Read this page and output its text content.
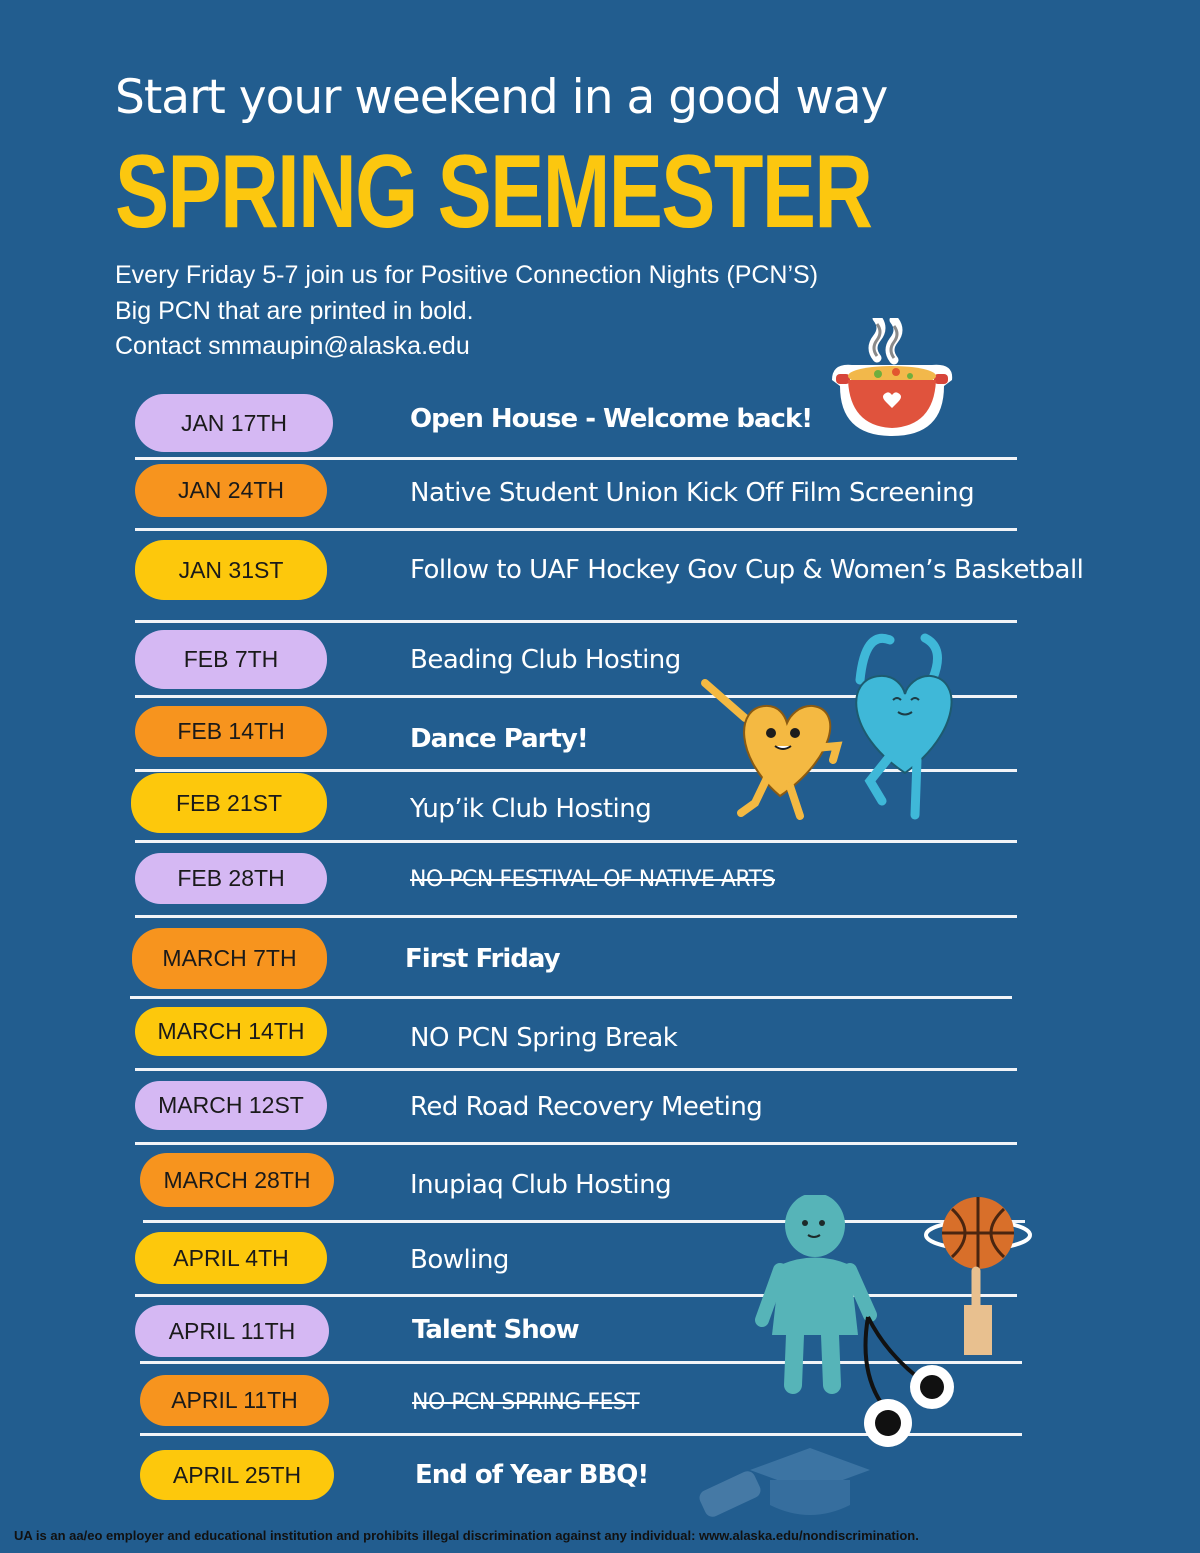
Start your weekend in a good way
SPRING SEMESTER
Every Friday 5-7 join us for Positive Connection Nights (PCN’S)
Big PCN that are printed in bold.
Contact smmaupin@alaska.edu
JAN 17TH	Open House - Welcome back!
JAN 24TH	Native Student Union Kick Off Film Screening
JAN 31ST	Follow to UAF Hockey Gov Cup & Women’s Basketball
FEB 7TH	Beading Club Hosting
FEB 14TH	Dance Party!
FEB 21ST	Yup’ik Club Hosting
FEB 28TH	NO PCN FESTIVAL OF NATIVE ARTS
MARCH 7TH	First Friday
MARCH 14TH	NO PCN Spring Break
MARCH 12ST	Red Road Recovery Meeting
MARCH 28TH	Inupiaq Club Hosting
APRIL 4TH	Bowling
APRIL 11TH	Talent Show
APRIL 11TH	NO PCN SPRING FEST
APRIL 25TH	End of Year BBQ!
UA is an aa/eo employer and educational institution and prohibits illegal discrimination against any individual: www.alaska.edu/nondiscrimination.
